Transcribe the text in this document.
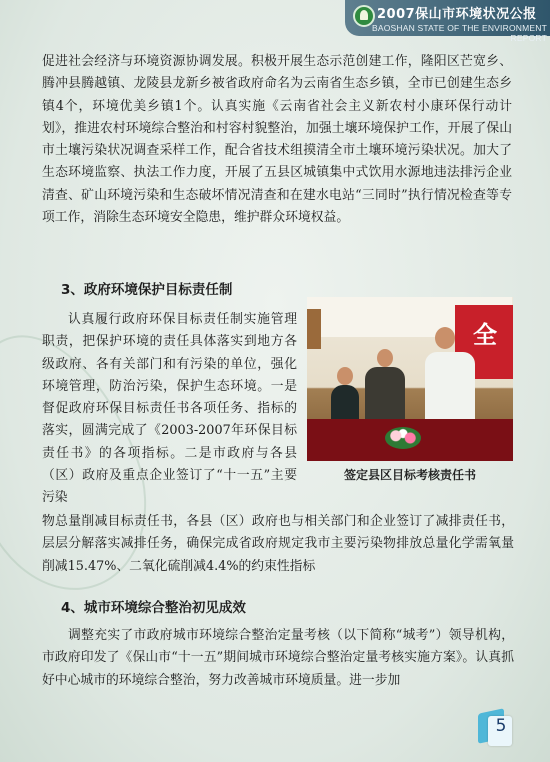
2007保山市环境状况公报
BAOSHAN STATE OF THE ENVIRONMENT REPORT
促进社会经济与环境资源协调发展。积极开展生态示范创建工作，隆阳区芒宽乡、腾冲县腾越镇、龙陵县龙新乡被省政府命名为云南省生态乡镇，全市已创建生态乡镇4个，环境优美乡镇1个。认真实施《云南省社会主义新农村小康环保行动计划》，推进农村环境综合整治和村容村貌整治，加强土壤环境保护工作，开展了保山市土壤污染状况调查采样工作，配合省技术组摸清全市土壤环境污染状况。加大了生态环境监察、执法工作力度，开展了五县区城镇集中式饮用水源地违法排污企业清查、矿山环境污染和生态破坏情况清查和在建水电站“三同时”执行情况检查等专项工作，消除生态环境安全隐患，维护群众环境权益。
3、政府环境保护目标责任制
认真履行政府环保目标责任制实施管理职责，把保护环境的责任具体落实到地方各级政府、各有关部门和有污染的单位，强化环境管理，防治污染，保护生态环境。一是督促政府环保目标责任书各项任务、指标的落实，圆满完成了《2003-2007年环保目标责任书》的各项指标。二是市政府与各县（区）政府及重点企业签订了“十一五”主要污染
全
签定县区目标考核责任书
物总量削减目标责任书，各县（区）政府也与相关部门和企业签订了减排责任书，层层分解落实减排任务，确保完成省政府规定我市主要污染物排放总量化学需氧量削减15.47%、二氧化硫削减4.4%的约束性指标
4、城市环境综合整治初见成效
调整充实了市政府城市环境综合整治定量考核（以下简称“城考”）领导机构，市政府印发了《保山市“十一五”期间城市环境综合整治定量考核实施方案》。认真抓好中心城市的环境综合整治，努力改善城市环境质量。进一步加
5
